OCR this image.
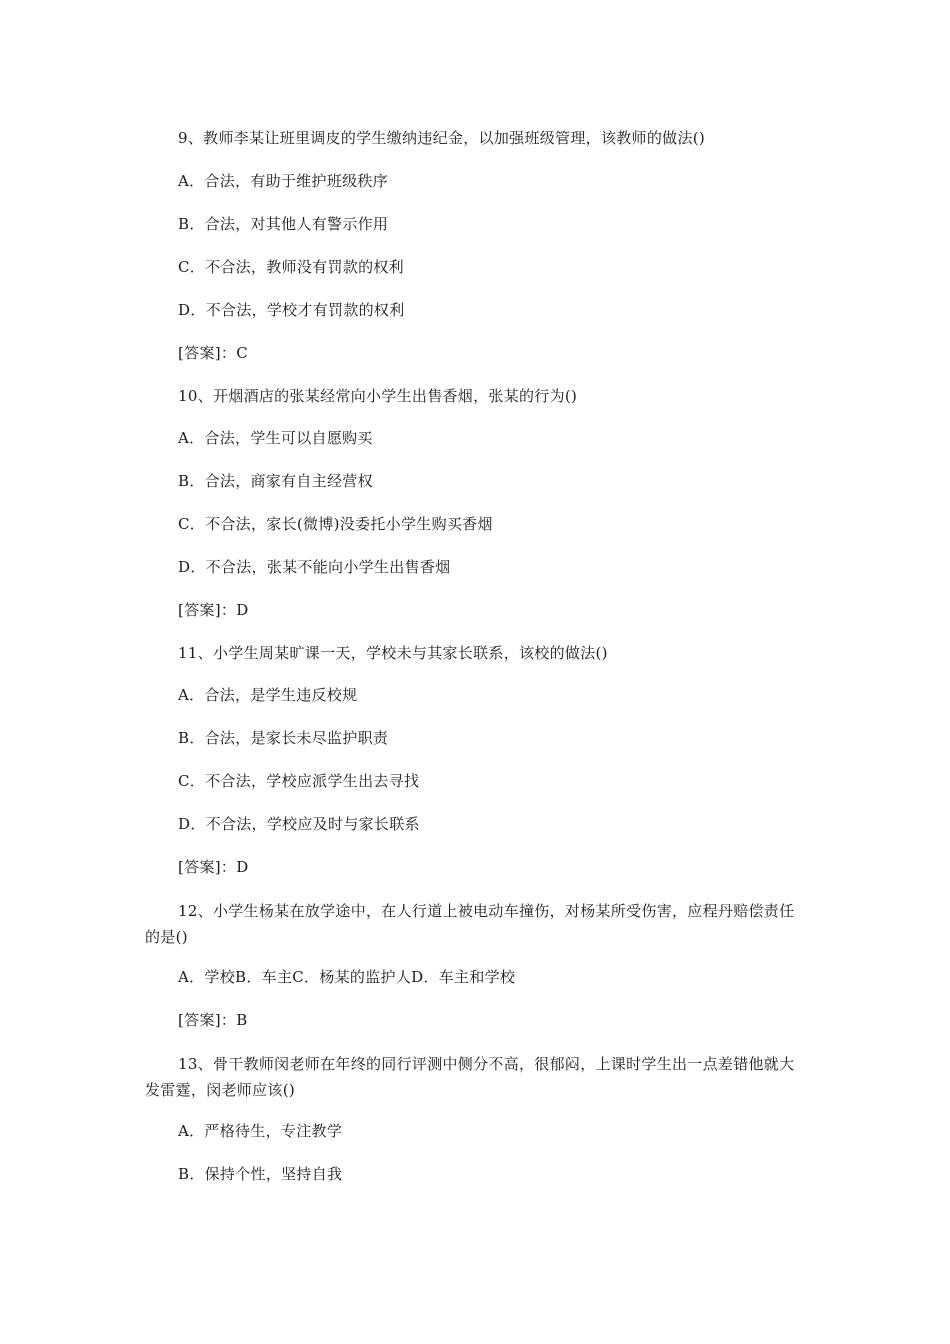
9、教师李某让班里调皮的学生缴纳违纪金，以加强班级管理，该教师的做法()
A．合法，有助于维护班级秩序
B．合法，对其他人有警示作用
C．不合法，教师没有罚款的权利
D．不合法，学校才有罚款的权利
[答案]：C
10、开烟酒店的张某经常向小学生出售香烟，张某的行为()
A．合法，学生可以自愿购买
B．合法，商家有自主经营权
C．不合法，家长(微博)没委托小学生购买香烟
D．不合法，张某不能向小学生出售香烟
[答案]：D
11、小学生周某旷课一天，学校未与其家长联系，该校的做法()
A．合法，是学生违反校规
B．合法，是家长未尽监护职责
C．不合法，学校应派学生出去寻找
D．不合法，学校应及时与家长联系
[答案]：D
12、小学生杨某在放学途中，在人行道上被电动车撞伤，对杨某所受伤害，应程丹赔偿责任的是()
A．学校B．车主C．杨某的监护人D．车主和学校
[答案]：B
13、骨干教师闵老师在年终的同行评测中侧分不高，很郁闷，上课时学生出一点差错他就大发雷霆，闵老师应该()
A．严格待生，专注教学
B．保持个性，坚持自我
